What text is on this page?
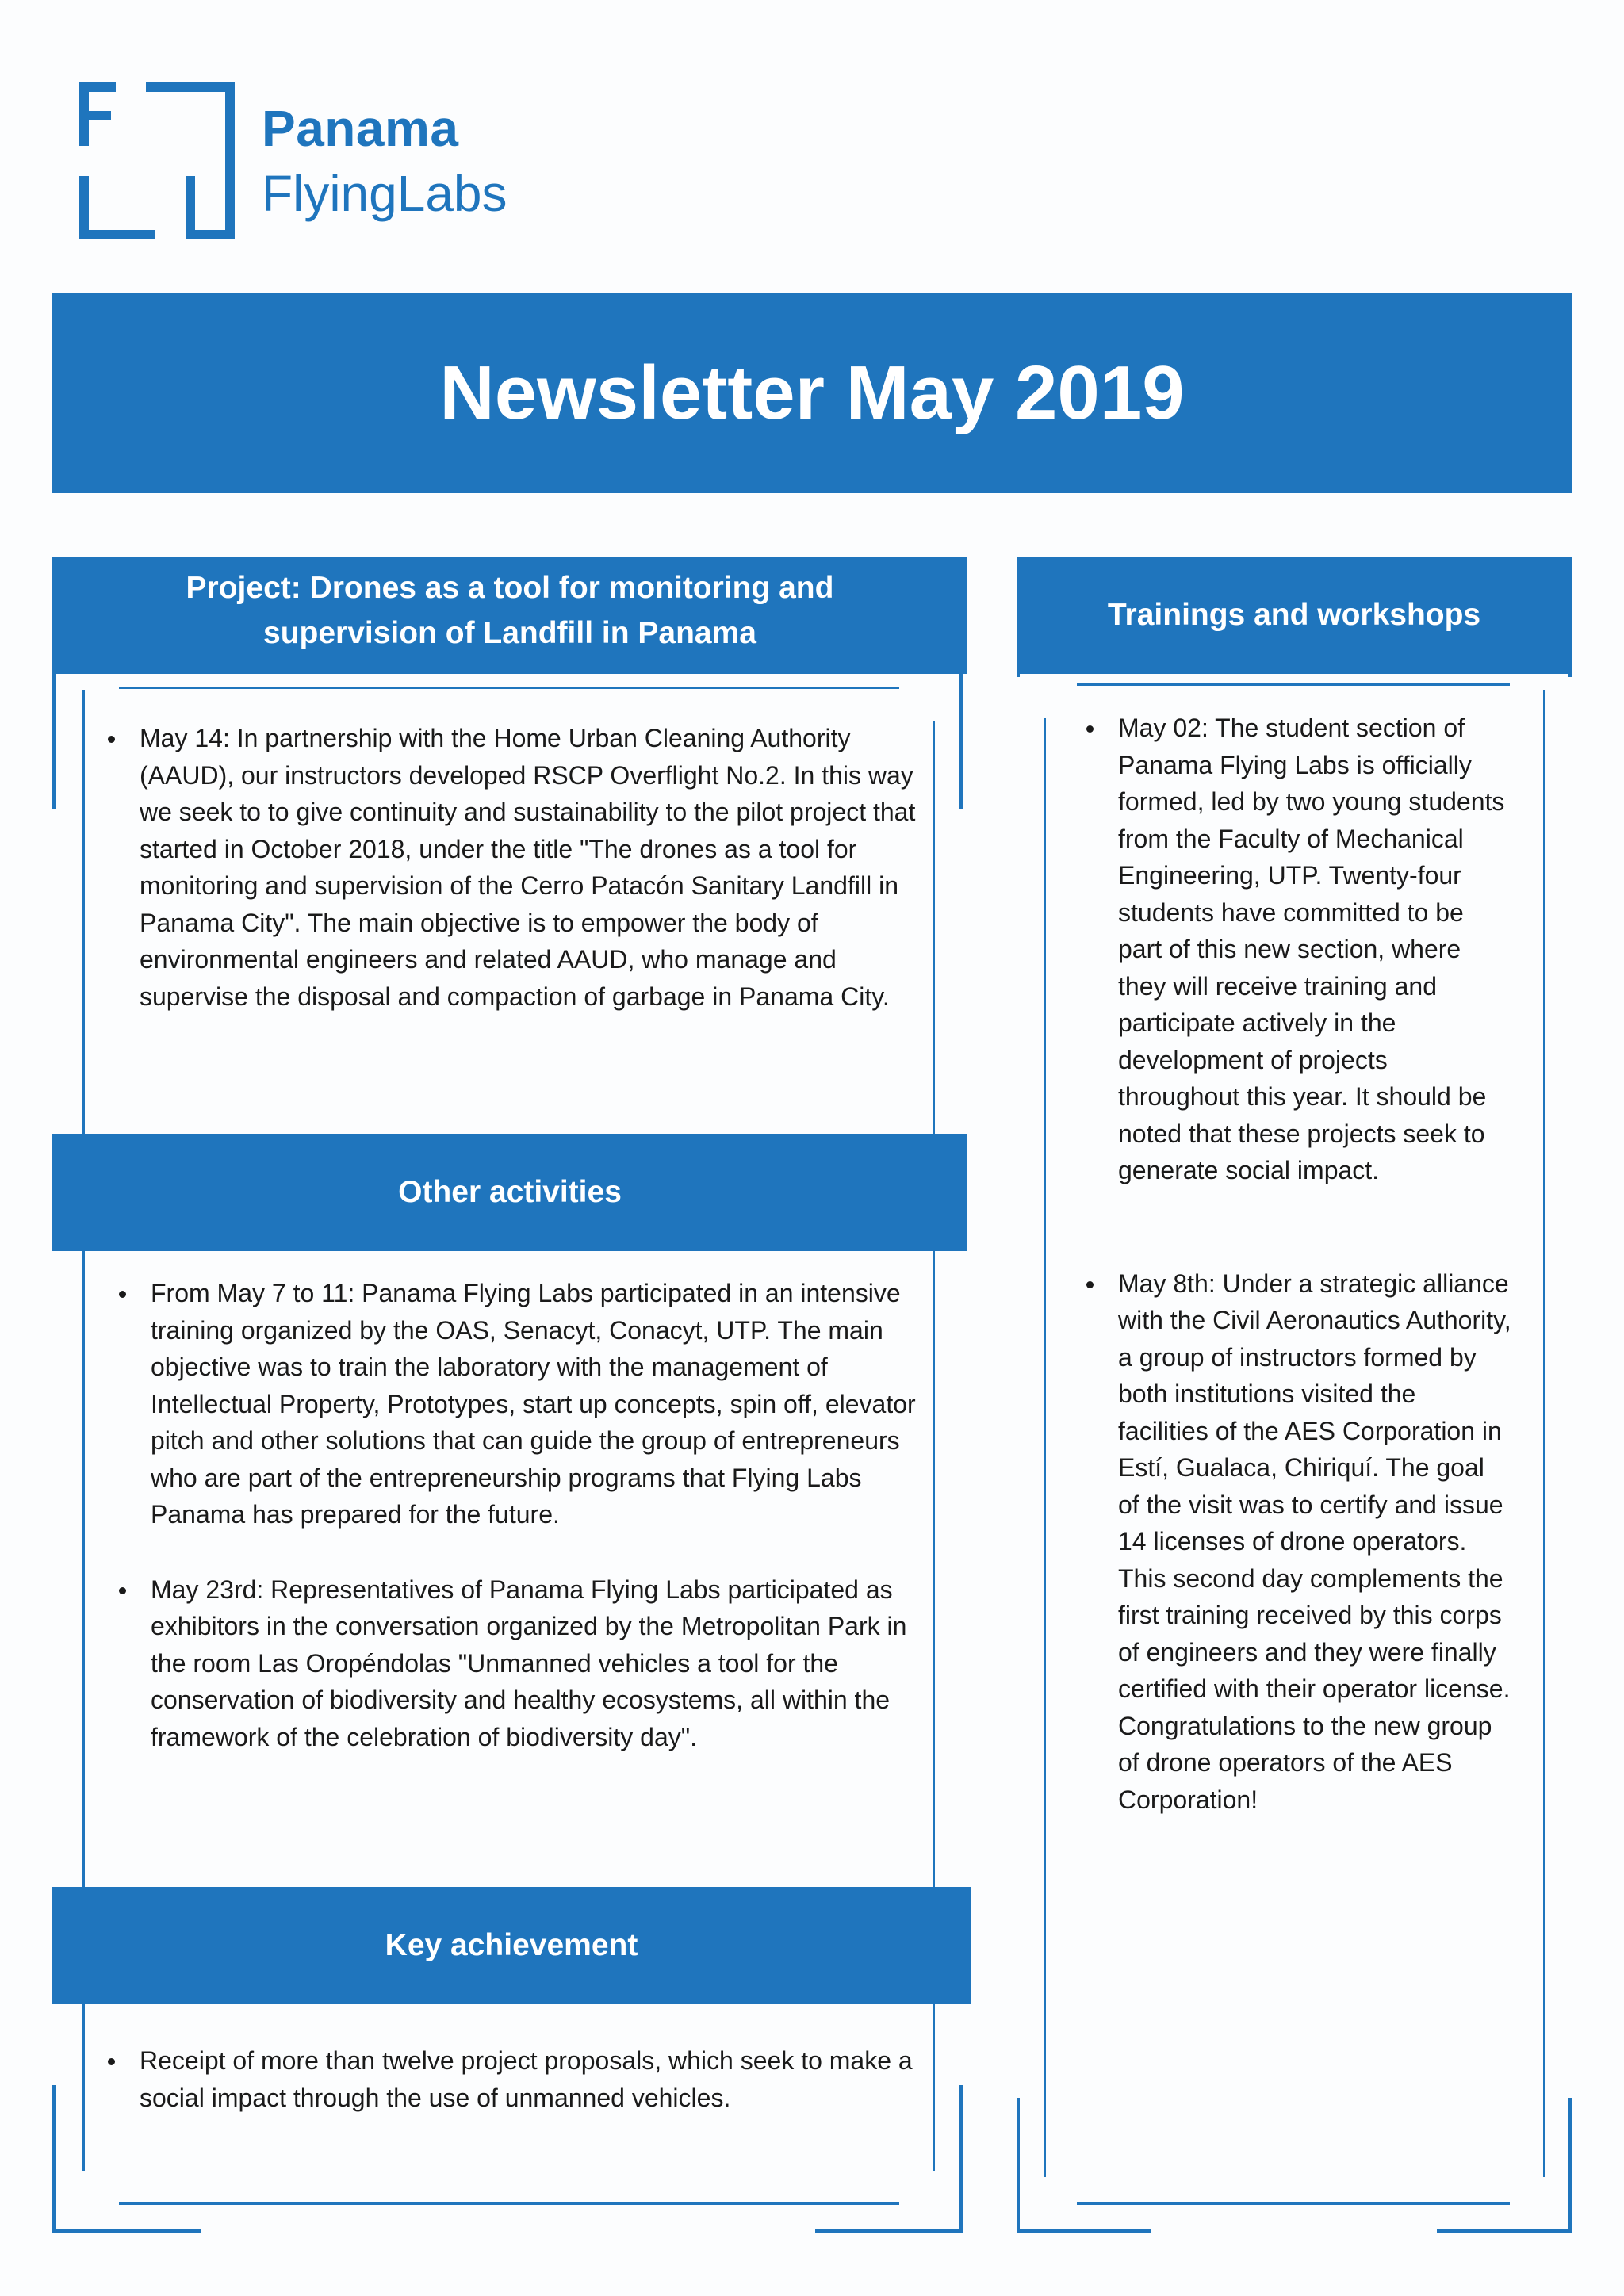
Panama
FlyingLabs
Newsletter May 2019
Project: Drones as a tool for monitoring and supervision of Landfill in Panama
May 14: In partnership with the Home Urban Cleaning Authority (AAUD), our instructors developed RSCP Overflight No.2. In this way we seek to to give continuity and sustainability to the pilot project that started in October 2018, under the title "The drones as a tool for monitoring and supervision of the Cerro Patacón Sanitary Landfill in Panama City". The main objective is to empower the body of environmental engineers and related AAUD, who manage and supervise the disposal and compaction of garbage in Panama City.
Other activities
From May 7 to 11: Panama Flying Labs participated in an intensive training organized by the OAS, Senacyt, Conacyt, UTP. The main objective was to train the laboratory with the management of Intellectual Property, Prototypes, start up concepts, spin off, elevator pitch and other solutions that can guide the group of entrepreneurs who are part of the entrepreneurship programs that Flying Labs Panama has prepared for the future.
May 23rd: Representatives of Panama Flying Labs participated as exhibitors in the conversation organized by the Metropolitan Park in the room Las Oropéndolas "Unmanned vehicles a tool for the conservation of biodiversity and healthy ecosystems, all within the framework of the celebration of biodiversity day".
Key achievement
Receipt of more than twelve project proposals, which seek to make a social impact through the use of unmanned vehicles.
Trainings and workshops
May 02: The student section of Panama Flying Labs is officially formed, led by two young students from the Faculty of Mechanical Engineering, UTP. Twenty-four students have committed to be part of this new section, where they will receive training and participate actively in the development of projects throughout this year. It should be noted that these projects seek to generate social impact.
May 8th: Under a strategic alliance with the Civil Aeronautics Authority, a group of instructors formed by both institutions visited the facilities of the AES Corporation in Estí, Gualaca, Chiriquí. The goal of the visit was to certify and issue 14 licenses of drone operators. This second day complements the first training received by this corps of engineers and they were finally certified with their operator license. Congratulations to the new group of drone operators of the AES Corporation!
